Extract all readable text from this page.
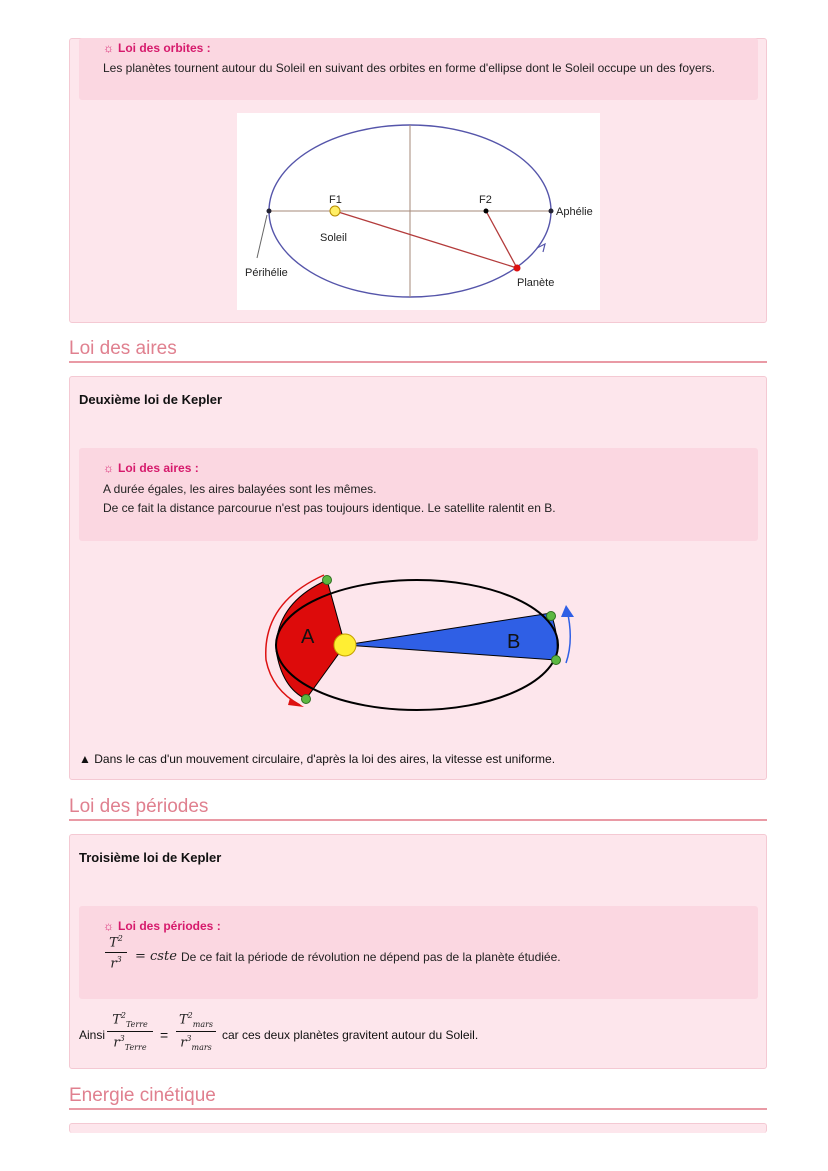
☼ Loi des orbites :
Les planètes tournent autour du Soleil en suivant des orbites en forme d'ellipse dont le Soleil occupe un des foyers.
F1	F2
Soleil
Aphélie
Périhélie
Planète
Loi des aires
Deuxième loi de Kepler
☼ Loi des aires :
A durée égales, les aires balayées sont les mêmes.
De ce fait la distance parcourue n'est pas toujours identique. Le satellite ralentit en B.
A	B
▲ Dans le cas d'un mouvement circulaire, d'après la loi des aires, la vitesse est uniforme.
Loi des périodes
Troisième loi de Kepler
☼ Loi des périodes :
$T^2$
$r^3$	= cste De ce fait la période de révolution ne dépend pas de la planète étudiée.
Ainsi
$T^2_{Terre}$
$r^3_{Terre}$
=
$T^2_{mars}$
$r^3_{mars}$
car ces deux planètes gravitent autour du Soleil.
Energie cinétique
